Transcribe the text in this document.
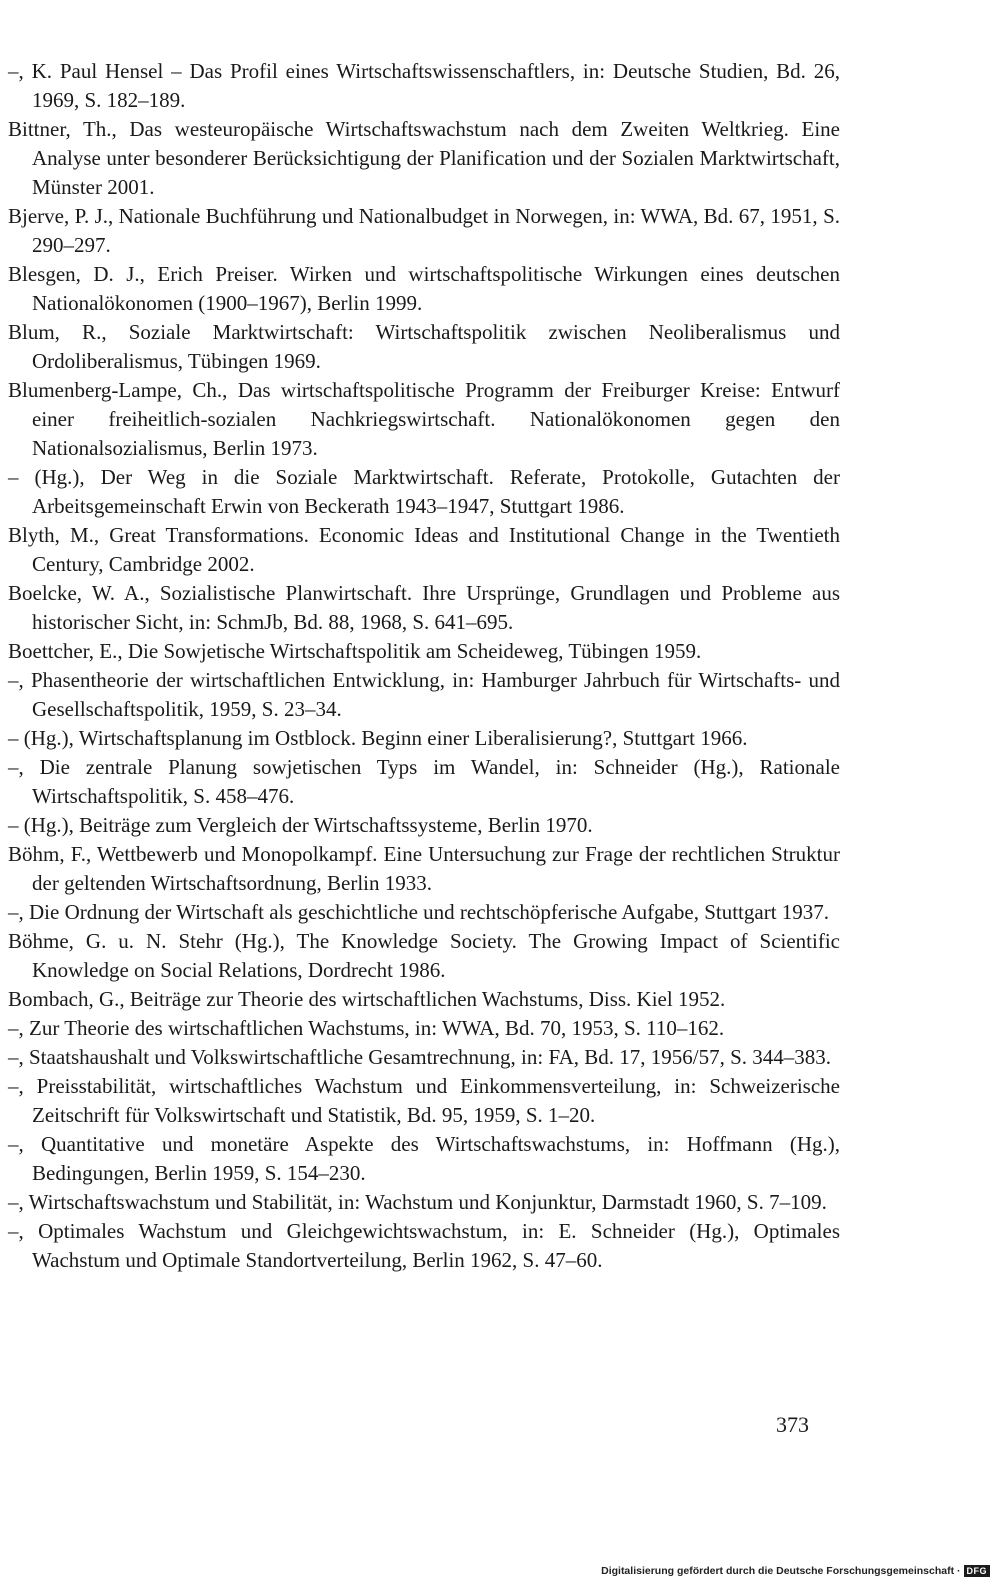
–, K. Paul Hensel – Das Profil eines Wirtschaftswissenschaftlers, in: Deutsche Studien, Bd. 26, 1969, S. 182–189.

Bittner, Th., Das westeuropäische Wirtschaftswachstum nach dem Zweiten Weltkrieg. Eine Analyse unter besonderer Berücksichtigung der Planification und der Sozialen Marktwirtschaft, Münster 2001.

Bjerve, P. J., Nationale Buchführung und Nationalbudget in Norwegen, in: WWA, Bd. 67, 1951, S. 290–297.

Blesgen, D. J., Erich Preiser. Wirken und wirtschaftspolitische Wirkungen eines deutschen Nationalökonomen (1900–1967), Berlin 1999.

Blum, R., Soziale Marktwirtschaft: Wirtschaftspolitik zwischen Neoliberalismus und Ordoliberalismus, Tübingen 1969.

Blumenberg-Lampe, Ch., Das wirtschaftspolitische Programm der Freiburger Kreise: Entwurf einer freiheitlich-sozialen Nachkriegswirtschaft. Nationalökonomen gegen den Nationalsozialismus, Berlin 1973.

– (Hg.), Der Weg in die Soziale Marktwirtschaft. Referate, Protokolle, Gutachten der Arbeitsgemeinschaft Erwin von Beckerath 1943–1947, Stuttgart 1986.

Blyth, M., Great Transformations. Economic Ideas and Institutional Change in the Twentieth Century, Cambridge 2002.

Boelcke, W. A., Sozialistische Planwirtschaft. Ihre Ursprünge, Grundlagen und Probleme aus historischer Sicht, in: SchmJb, Bd. 88, 1968, S. 641–695.

Boettcher, E., Die Sowjetische Wirtschaftspolitik am Scheideweg, Tübingen 1959.

–, Phasentheorie der wirtschaftlichen Entwicklung, in: Hamburger Jahrbuch für Wirtschafts- und Gesellschaftspolitik, 1959, S. 23–34.

– (Hg.), Wirtschaftsplanung im Ostblock. Beginn einer Liberalisierung?, Stuttgart 1966.

–, Die zentrale Planung sowjetischen Typs im Wandel, in: Schneider (Hg.), Rationale Wirtschaftspolitik, S. 458–476.

– (Hg.), Beiträge zum Vergleich der Wirtschaftssysteme, Berlin 1970.

Böhm, F., Wettbewerb und Monopolkampf. Eine Untersuchung zur Frage der rechtlichen Struktur der geltenden Wirtschaftsordnung, Berlin 1933.

–, Die Ordnung der Wirtschaft als geschichtliche und rechtschöpferische Aufgabe, Stuttgart 1937.

Böhme, G. u. N. Stehr (Hg.), The Knowledge Society. The Growing Impact of Scientific Knowledge on Social Relations, Dordrecht 1986.

Bombach, G., Beiträge zur Theorie des wirtschaftlichen Wachstums, Diss. Kiel 1952.

–, Zur Theorie des wirtschaftlichen Wachstums, in: WWA, Bd. 70, 1953, S. 110–162.

–, Staatshaushalt und Volkswirtschaftliche Gesamtrechnung, in: FA, Bd. 17, 1956/57, S. 344–383.

–, Preisstabilität, wirtschaftliches Wachstum und Einkommensverteilung, in: Schweizerische Zeitschrift für Volkswirtschaft und Statistik, Bd. 95, 1959, S. 1–20.

–, Quantitative und monetäre Aspekte des Wirtschaftswachstums, in: Hoffmann (Hg.), Bedingungen, Berlin 1959, S. 154–230.

–, Wirtschaftswachstum und Stabilität, in: Wachstum und Konjunktur, Darmstadt 1960, S. 7–109.

–, Optimales Wachstum und Gleichgewichtswachstum, in: E. Schneider (Hg.), Optimales Wachstum und Optimale Standortverteilung, Berlin 1962, S. 47–60.

373
Digitalisierung gefördert durch die Deutsche Forschungsgemeinschaft · DFG
